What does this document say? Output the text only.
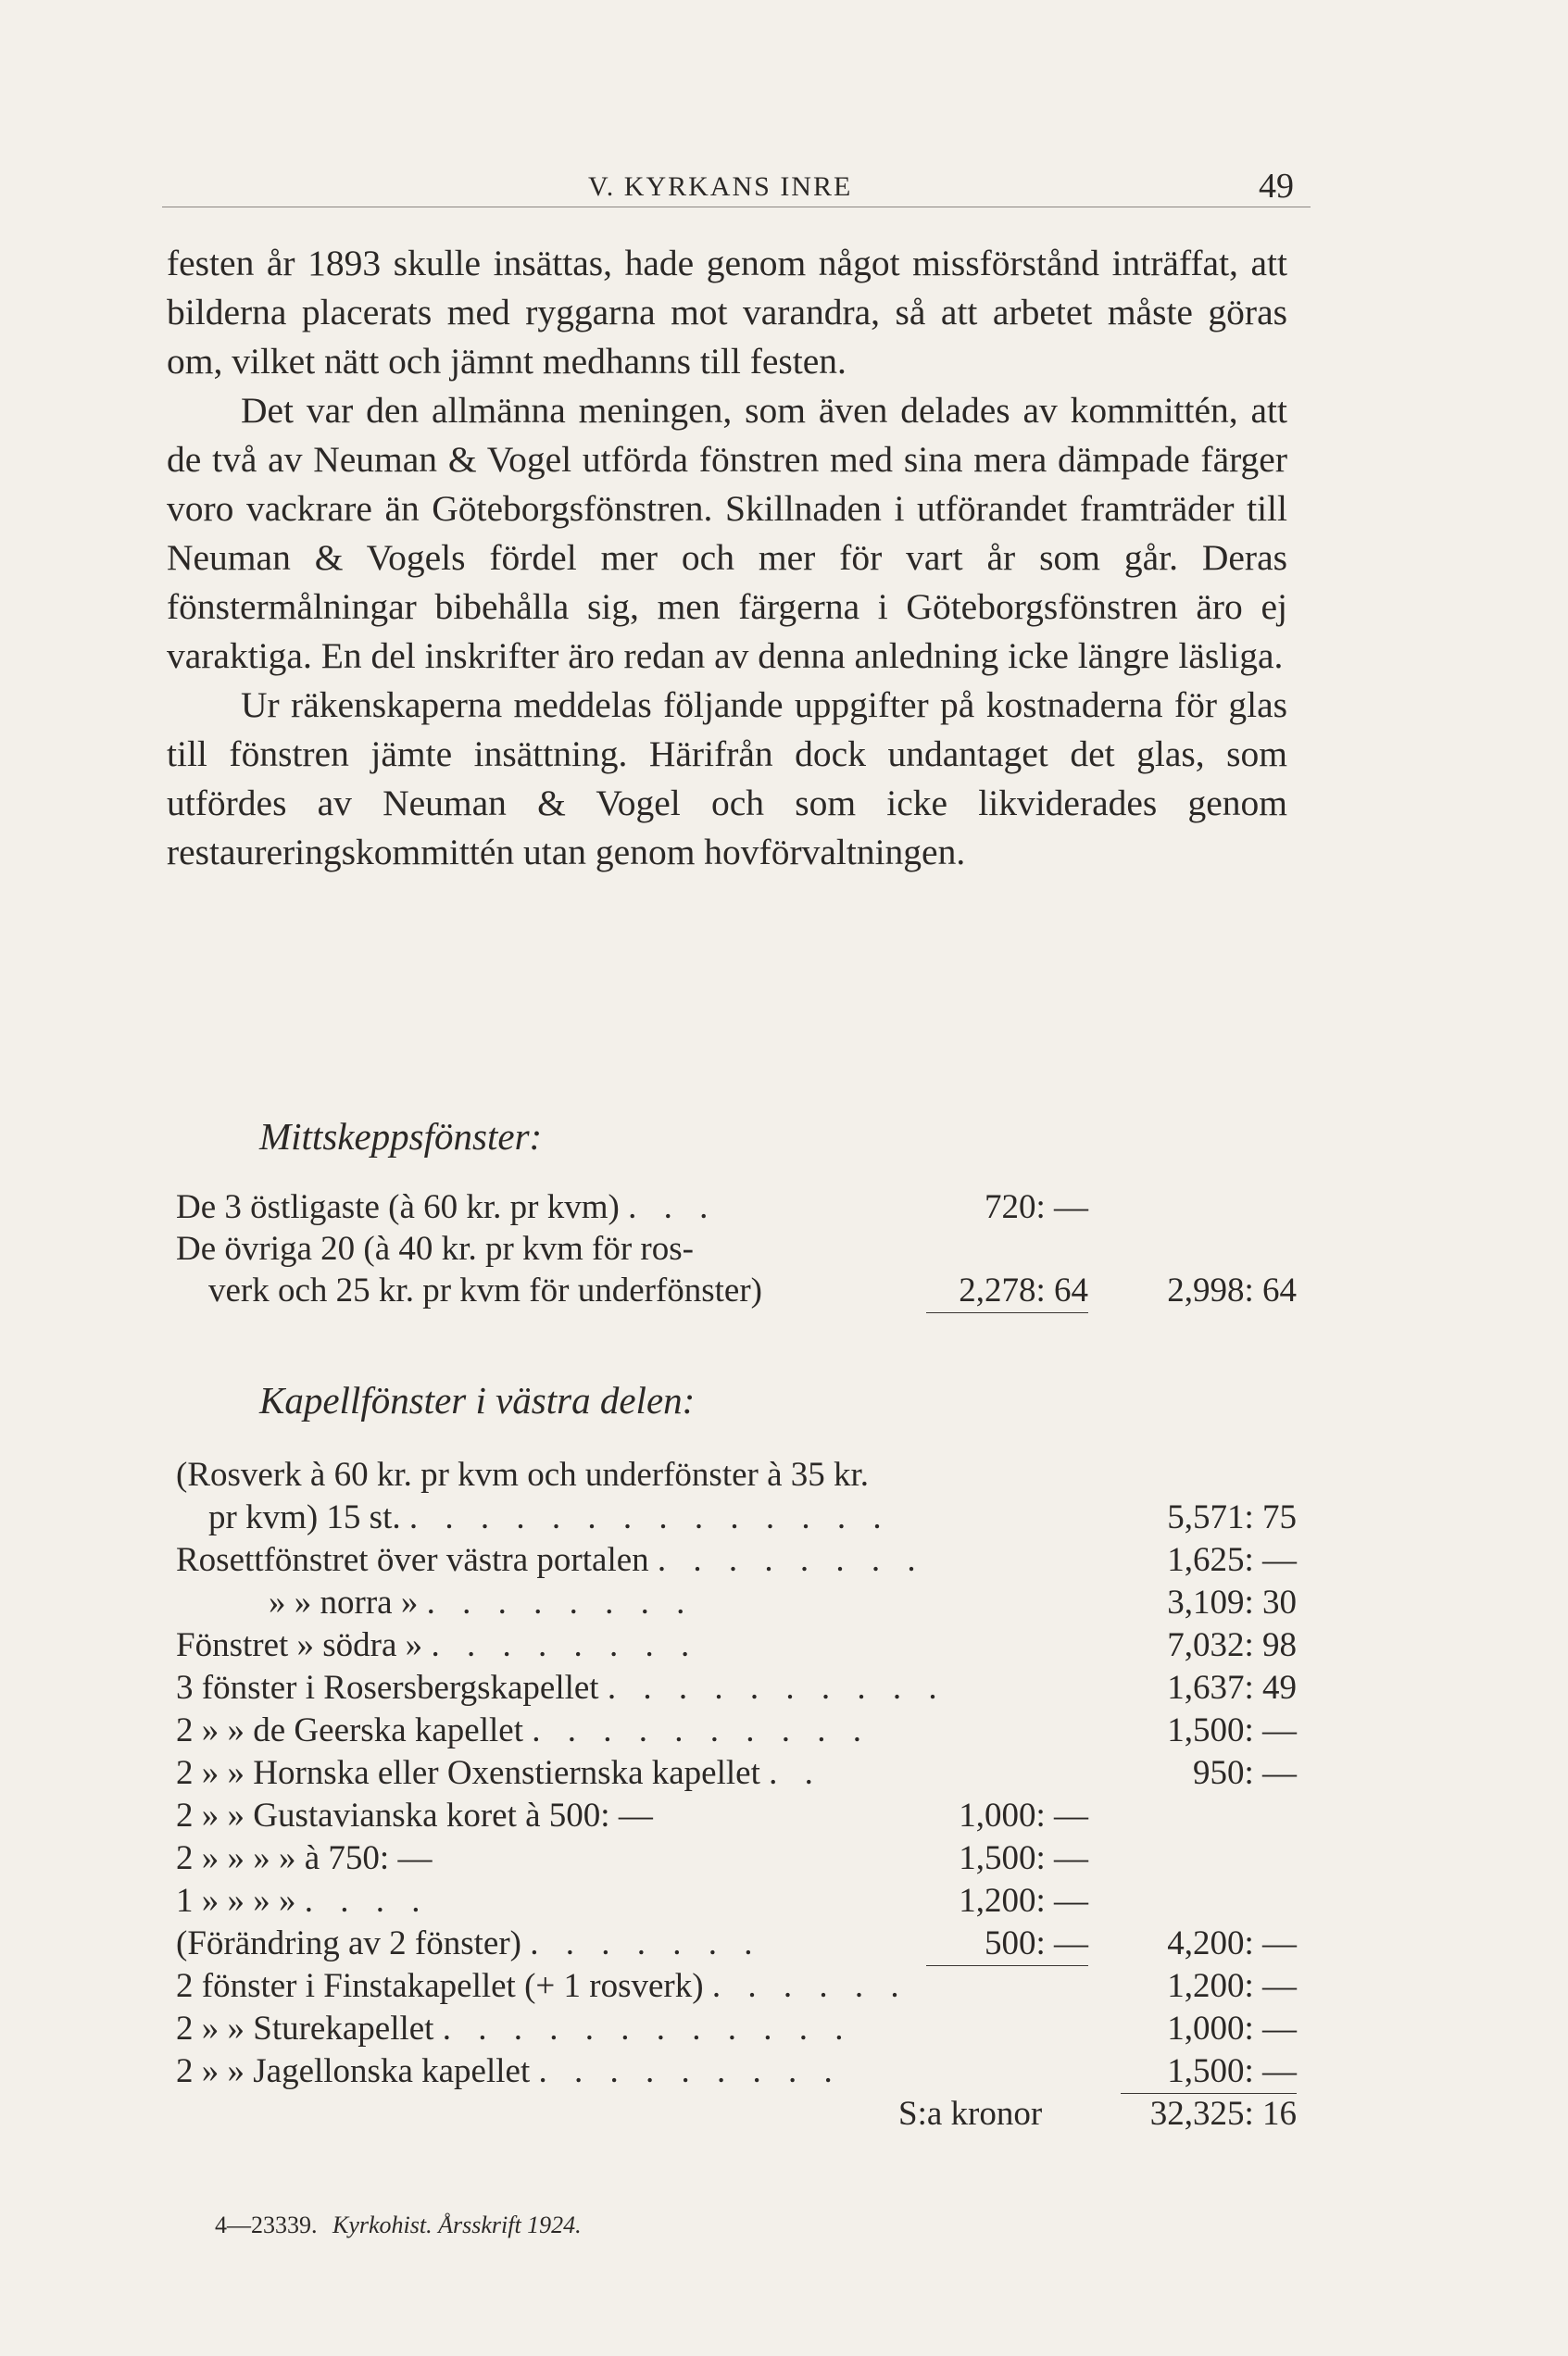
V. KYRKANS INRE	49

festen år 1893 skulle insättas, hade genom något missförstånd inträffat, att bilderna placerats med ryggarna mot varandra, så att arbetet måste göras om, vilket nätt och jämnt medhanns till festen.

Det var den allmänna meningen, som även delades av kommittén, att de två av Neuman & Vogel utförda fönstren med sina mera dämpade färger voro vackrare än Göteborgsfönstren. Skillnaden i utförandet framträder till Neuman & Vogels fördel mer och mer för vart år som går. Deras fönstermålningar bibehålla sig, men färgerna i Göteborgsfönstren äro ej varaktiga. En del inskrifter äro redan av denna anledning icke längre läsliga.

Ur räkenskaperna meddelas följande uppgifter på kostnaderna för glas till fönstren jämte insättning. Härifrån dock undantaget det glas, som utfördes av Neuman & Vogel och som icke likviderades genom restaureringskommittén utan genom hovförvaltningen.

Mittskeppsfönster:
De 3 östligaste (à 60 kr. pr kvm) . . .	720: —
De övriga 20 (à 40 kr. pr kvm för ros-
verk och 25 kr. pr kvm för underfönster)	2,278: 64	2,998: 64
Kapellfönster i västra delen:
(Rosverk à 60 kr. pr kvm och underfönster à 35 kr.
pr kvm) 15 st. . . . . . . . . . . . . . .	5,571: 75
Rosettfönstret över västra portalen . . . . . . . .	1,625: —
» » norra » . . . . . . . .	3,109: 30
Fönstret » södra » . . . . . . . .	7,032: 98
3 fönster i Rosersbergskapellet . . . . . . . . . .	1,637: 49
2 » » de Geerska kapellet . . . . . . . . . .	1,500: —
2 » » Hornska eller Oxenstiernska kapellet . .	950: —
2 » » Gustavianska koret à 500: —	1,000: —
2 » » » » à 750: —	1,500: —
1 » » » » . . . .	1,200: —
(Förändring av 2 fönster) . . . . . . .	500: —	4,200: —
2 fönster i Finstakapellet (+ 1 rosverk) . . . . . .	1,200: —
2 » » Sturekapellet . . . . . . . . . . . .	1,000: —
2 » » Jagellonska kapellet . . . . . . . . .	1,500: —
S:a kronor	32,325: 16
4—23339. Kyrkohist. Årsskrift 1924.
